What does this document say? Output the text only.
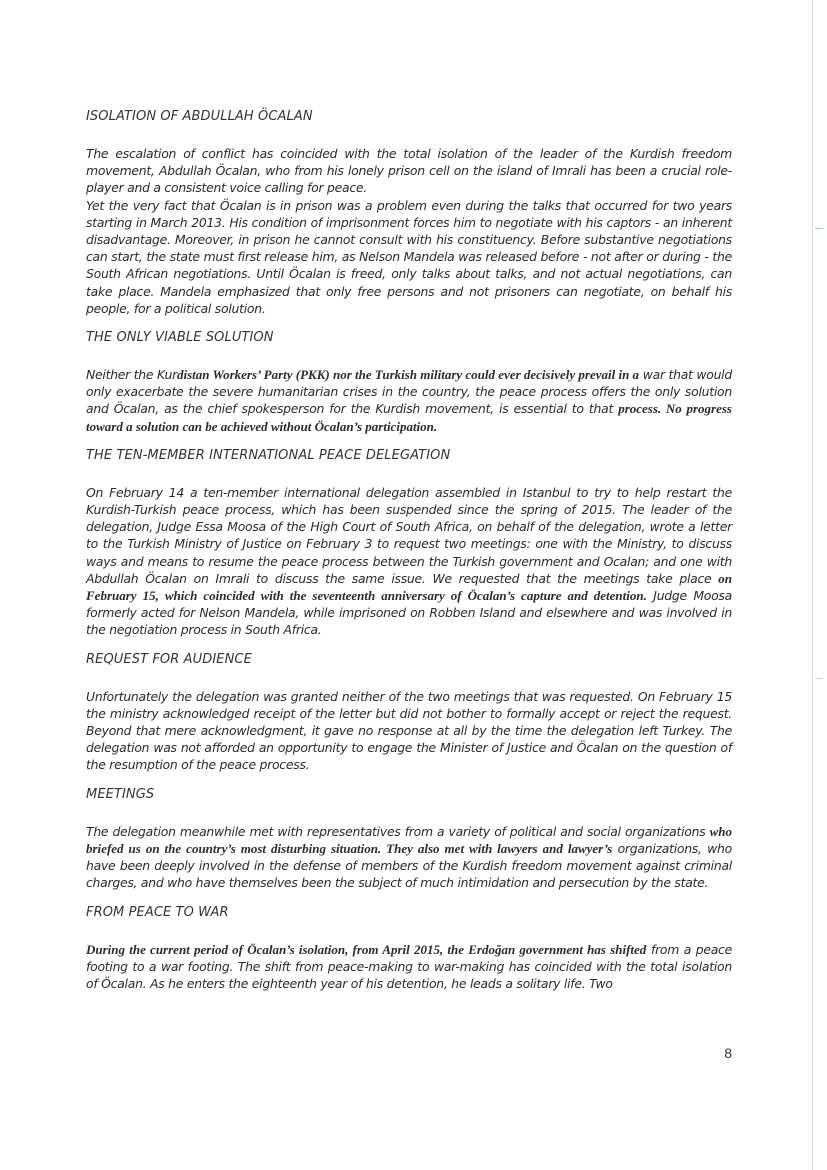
ISOLATION OF ABDULLAH ÖCALAN

The escalation of conflict has coincided with the total isolation of the leader of the Kurdish freedom movement, Abdullah Öcalan, who from his lonely prison cell on the island of Imrali has been a crucial role-player and a consistent voice calling for peace.

Yet the very fact that Öcalan is in prison was a problem even during the talks that occurred for two years starting in March 2013. His condition of imprisonment forces him to negotiate with his captors - an inherent disadvantage. Moreover, in prison he cannot consult with his constituency. Before substantive negotiations can start, the state must first release him, as Nelson Mandela was released before - not after or during - the South African negotiations. Until Öcalan is freed, only talks about talks, and not actual negotiations, can take place. Mandela emphasized that only free persons and not prisoners can negotiate, on behalf his people, for a political solution.

THE ONLY VIABLE SOLUTION

Neither the Kurdistan Workers’ Party (PKK) nor the Turkish military could ever decisively prevail in a war that would only exacerbate the severe humanitarian crises in the country, the peace process offers the only solution and Öcalan, as the chief spokesperson for the Kurdish movement, is essential to that process. No progress toward a solution can be achieved without Öcalan’s participation.

THE TEN-MEMBER INTERNATIONAL PEACE DELEGATION

On February 14 a ten-member international delegation assembled in Istanbul to try to help restart the Kurdish-Turkish peace process, which has been suspended since the spring of 2015. The leader of the delegation, Judge Essa Moosa of the High Court of South Africa, on behalf of the delegation, wrote a letter to the Turkish Ministry of Justice on February 3 to request two meetings: one with the Ministry, to discuss ways and means to resume the peace process between the Turkish government and Ocalan; and one with Abdullah Öcalan on Imrali to discuss the same issue. We requested that the meetings take place on February 15, which coincided with the seventeenth anniversary of Öcalan’s capture and detention. Judge Moosa formerly acted for Nelson Mandela, while imprisoned on Robben Island and elsewhere and was involved in the negotiation process in South Africa.

REQUEST FOR AUDIENCE

Unfortunately the delegation was granted neither of the two meetings that was requested. On February 15 the ministry acknowledged receipt of the letter but did not bother to formally accept or reject the request. Beyond that mere acknowledgment, it gave no response at all by the time the delegation left Turkey. The delegation was not afforded an opportunity to engage the Minister of Justice and Öcalan on the question of the resumption of the peace process.

MEETINGS

The delegation meanwhile met with representatives from a variety of political and social organizations who briefed us on the country’s most disturbing situation. They also met with lawyers and lawyer’s organizations, who have been deeply involved in the defense of members of the Kurdish freedom movement against criminal charges, and who have themselves been the subject of much intimidation and persecution by the state.

FROM PEACE TO WAR

During the current period of Öcalan’s isolation, from April 2015, the Erdoğan government has shifted from a peace footing to a war footing. The shift from peace-making to war-making has coincided with the total isolation of Öcalan. As he enters the eighteenth year of his detention, he leads a solitary life. Two

8
